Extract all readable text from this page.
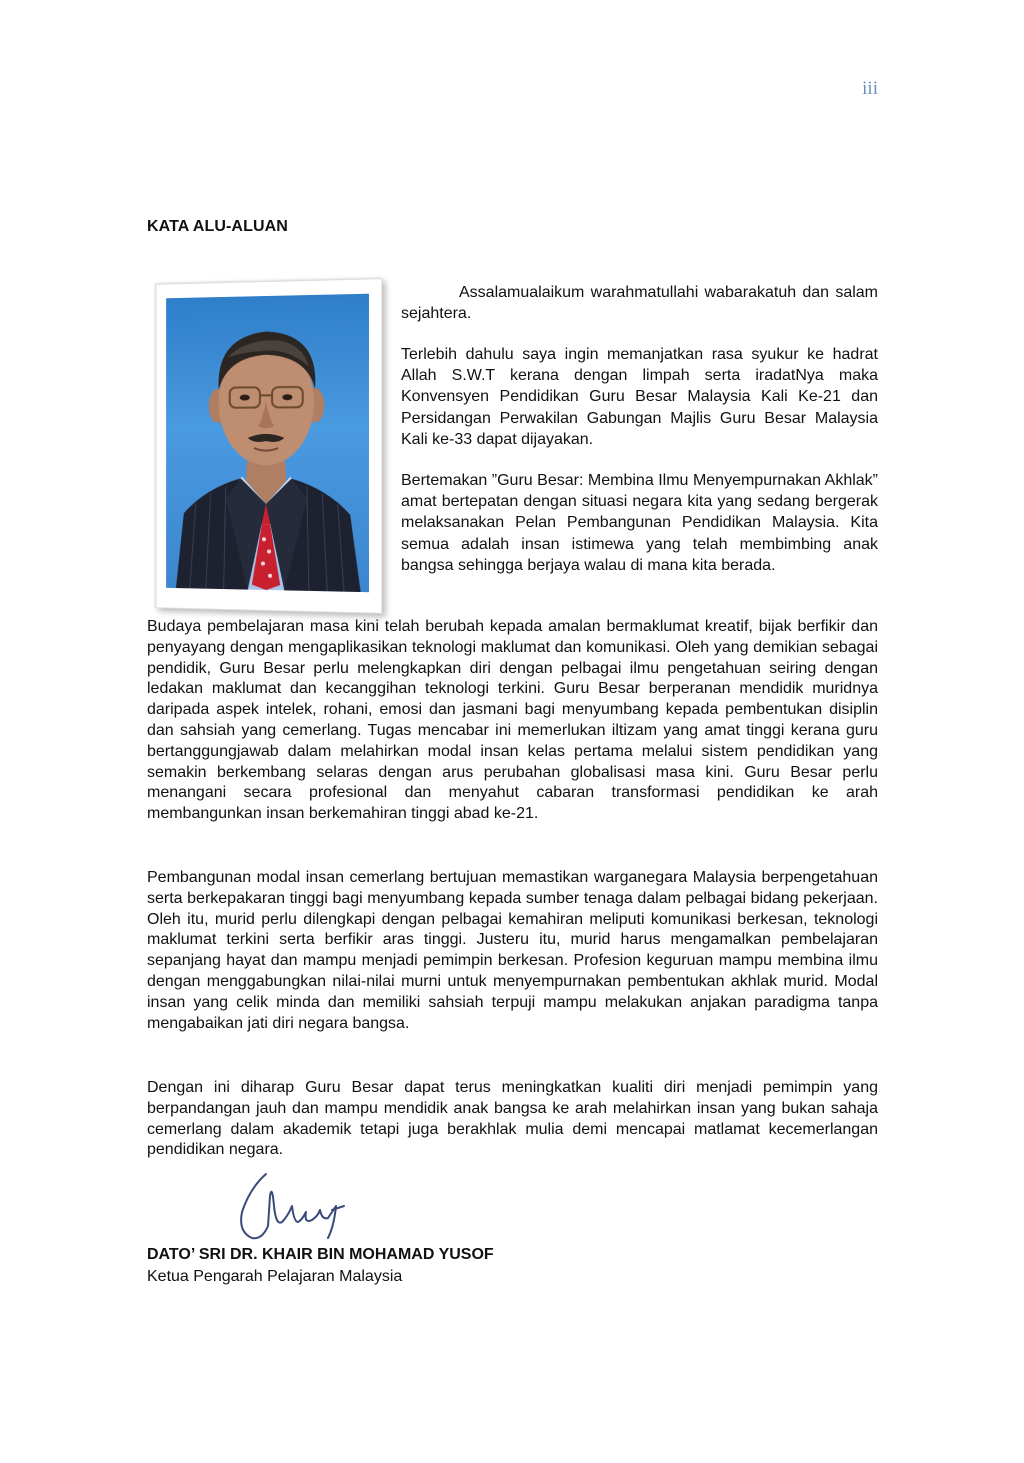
iii
KATA ALU-ALUAN

Assalamualaikum warahmatullahi wabarakatuh dan salam sejahtera.

Terlebih dahulu saya ingin memanjatkan rasa syukur ke hadrat Allah S.W.T kerana dengan limpah serta iradatNya maka Konvensyen Pendidikan Guru Besar Malaysia Kali Ke-21 dan Persidangan Perwakilan Gabungan Majlis Guru Besar Malaysia Kali ke-33 dapat dijayakan.

Bertemakan ”Guru Besar: Membina Ilmu Menyempurnakan Akhlak” amat bertepatan dengan situasi negara kita yang sedang bergerak melaksanakan Pelan Pembangunan Pendidikan Malaysia. Kita semua adalah insan istimewa yang telah membimbing anak bangsa sehingga berjaya walau di mana kita berada.

Budaya pembelajaran masa kini telah berubah kepada amalan bermaklumat kreatif, bijak berfikir dan penyayang dengan mengaplikasikan teknologi maklumat dan komunikasi. Oleh yang demikian sebagai pendidik, Guru Besar perlu melengkapkan diri dengan pelbagai ilmu pengetahuan seiring dengan ledakan maklumat dan kecanggihan teknologi terkini. Guru Besar berperanan mendidik muridnya daripada aspek intelek, rohani, emosi dan jasmani bagi menyumbang kepada pembentukan disiplin dan sahsiah yang cemerlang. Tugas mencabar ini memerlukan iltizam yang amat tinggi kerana guru bertanggungjawab dalam melahirkan modal insan kelas pertama melalui sistem pendidikan yang semakin berkembang selaras dengan arus perubahan globalisasi masa kini. Guru Besar perlu menangani secara profesional dan menyahut cabaran transformasi pendidikan ke arah membangunkan insan berkemahiran tinggi abad ke-21.

Pembangunan modal insan cemerlang bertujuan memastikan warganegara Malaysia berpengetahuan serta berkepakaran tinggi bagi menyumbang kepada sumber tenaga dalam pelbagai bidang pekerjaan. Oleh itu, murid perlu dilengkapi dengan pelbagai kemahiran meliputi komunikasi berkesan, teknologi maklumat terkini serta berfikir aras tinggi. Justeru itu, murid harus mengamalkan pembelajaran sepanjang hayat dan mampu menjadi pemimpin berkesan. Profesion keguruan mampu membina ilmu dengan menggabungkan nilai-nilai murni untuk menyempurnakan pembentukan akhlak murid. Modal insan yang celik minda dan memiliki sahsiah terpuji mampu melakukan anjakan paradigma tanpa mengabaikan jati diri negara bangsa.

Dengan ini diharap Guru Besar dapat terus meningkatkan kualiti diri menjadi pemimpin yang berpandangan jauh dan mampu mendidik anak bangsa ke arah melahirkan insan yang bukan sahaja cemerlang dalam akademik tetapi juga berakhlak mulia demi mencapai matlamat kecemerlangan pendidikan negara.

DATO’ SRI DR. KHAIR BIN MOHAMAD YUSOF
Ketua Pengarah Pelajaran Malaysia
